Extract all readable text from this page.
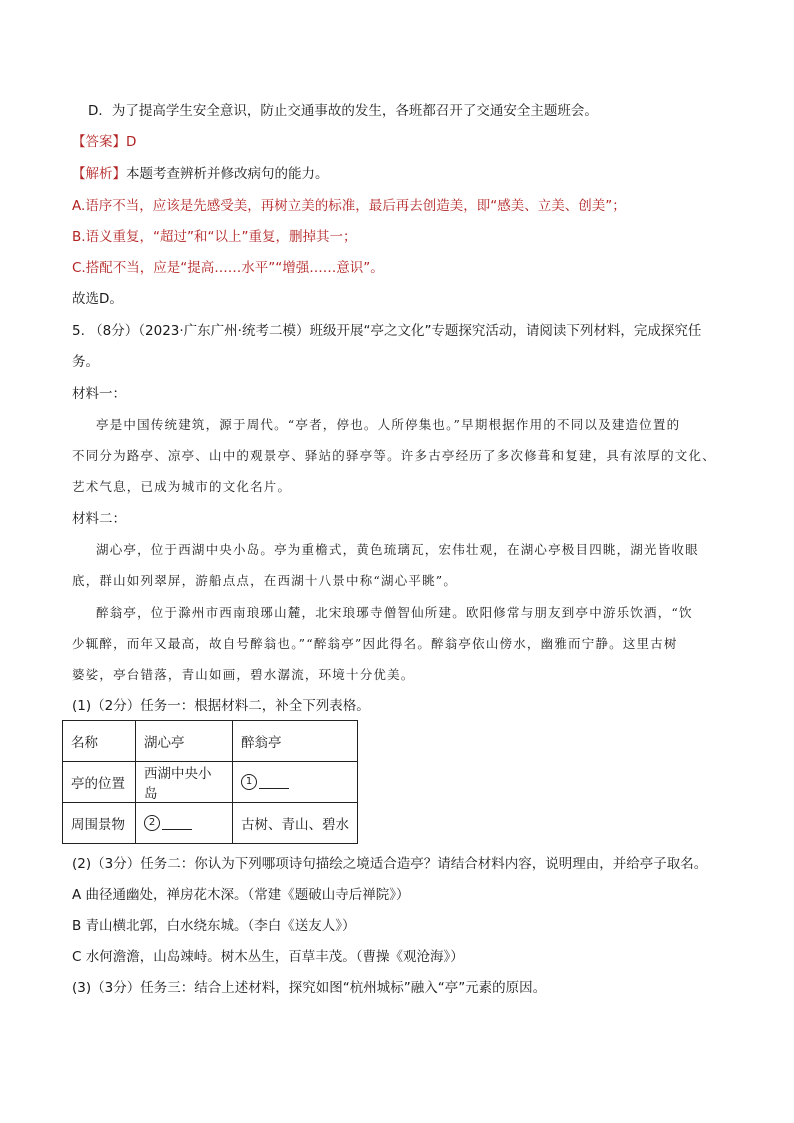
D．为了提高学生安全意识，防止交通事故的发生，各班都召开了交通安全主题班会。
【答案】D
【解析】本题考查辨析并修改病句的能力。
A.语序不当，应该是先感受美，再树立美的标准，最后再去创造美，即“感美、立美、创美”；
B.语义重复，“超过”和“以上”重复，删掉其一；
C.搭配不当，应是“提高……水平”“增强……意识”。
故选D。
5. （8分）（2023·广东广州·统考二模）班级开展“亭之文化”专题探究活动，请阅读下列材料，完成探究任
务。
材料一：
亭是中国传统建筑，源于周代。“亭者，停也。人所停集也。”早期根据作用的不同以及建造位置的
不同分为路亭、凉亭、山中的观景亭、驿站的驿亭等。许多古亭经历了多次修葺和复建，具有浓厚的文化、
艺术气息，已成为城市的文化名片。
材料二：
湖心亭，位于西湖中央小岛。亭为重檐式，黄色琉璃瓦，宏伟壮观，在湖心亭极目四眺，湖光皆收眼
底，群山如列翠屏，游船点点，在西湖十八景中称“湖心平眺”。
醉翁亭，位于滁州市西南琅琊山麓，北宋琅琊寺僧智仙所建。欧阳修常与朋友到亭中游乐饮酒，“饮
少辄醉，而年又最高，故自号醉翁也。”“醉翁亭”因此得名。醉翁亭依山傍水，幽雅而宁静。这里古树
婆娑，亭台错落，青山如画，碧水潺流，环境十分优美。
(1)（2分）任务一：根据材料二，补全下列表格。
名称	湖心亭	醉翁亭
亭的位置	西湖中央小岛	1
周围景物	2	古树、青山、碧水
(2)（3分）任务二：你认为下列哪项诗句描绘之境适合造亭？请结合材料内容，说明理由，并给亭子取名。
A 曲径通幽处，禅房花木深。（常建《题破山寺后禅院》）
B 青山横北郭，白水绕东城。（李白《送友人》）
C 水何澹澹，山岛竦峙。树木丛生，百草丰茂。（曹操《观沧海》）
(3)（3分）任务三：结合上述材料，探究如图“杭州城标”融入“亭”元素的原因。
